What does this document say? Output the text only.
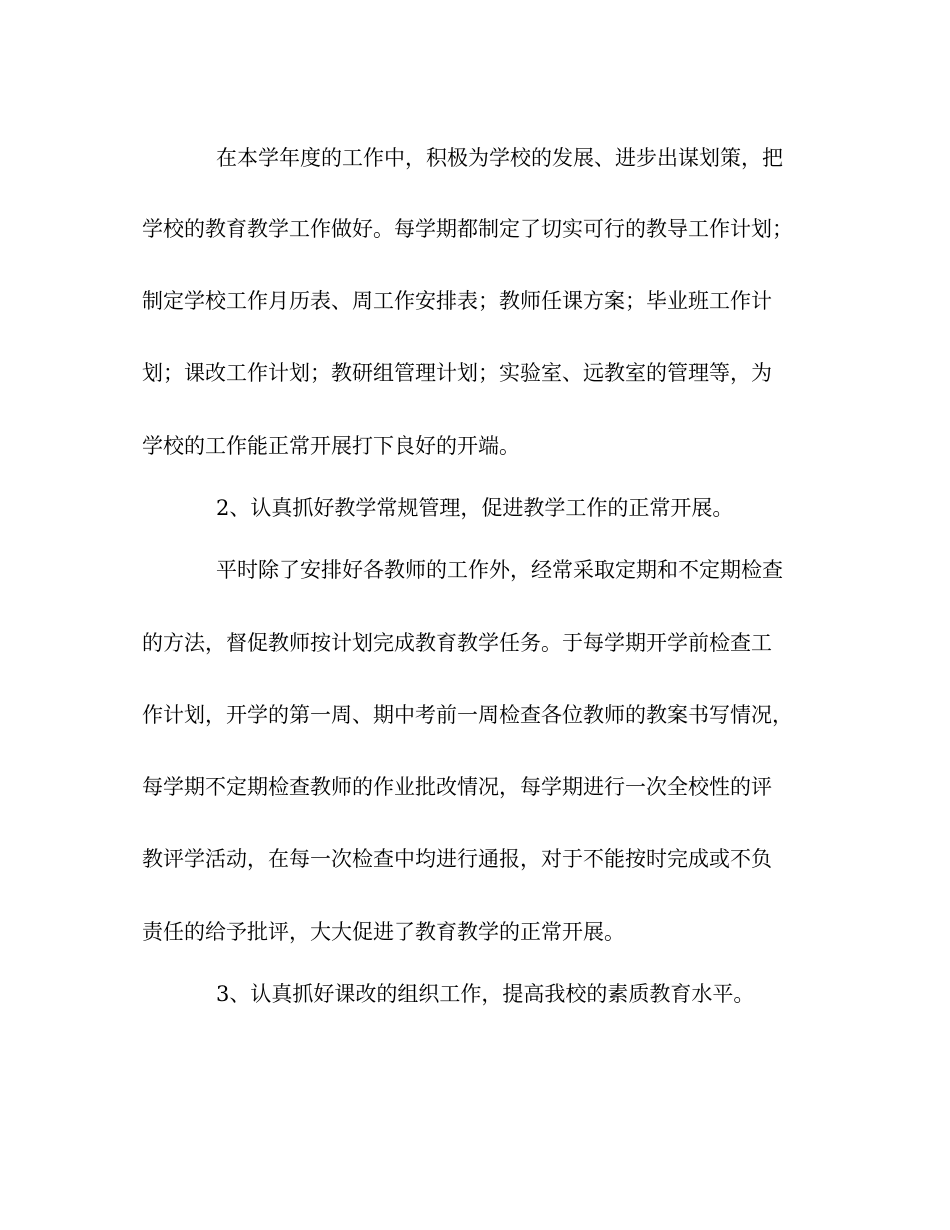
在本学年度的工作中，积极为学校的发展、进步出谋划策，把
学校的教育教学工作做好。每学期都制定了切实可行的教导工作计划；
制定学校工作月历表、周工作安排表；教师任课方案；毕业班工作计
划；课改工作计划；教研组管理计划；实验室、远教室的管理等，为
学校的工作能正常开展打下良好的开端。
2、认真抓好教学常规管理，促进教学工作的正常开展。
平时除了安排好各教师的工作外，经常采取定期和不定期检查
的方法，督促教师按计划完成教育教学任务。于每学期开学前检查工
作计划，开学的第一周、期中考前一周检查各位教师的教案书写情况，
每学期不定期检查教师的作业批改情况，每学期进行一次全校性的评
教评学活动，在每一次检查中均进行通报，对于不能按时完成或不负
责任的给予批评，大大促进了教育教学的正常开展。
3、认真抓好课改的组织工作，提高我校的素质教育水平。
